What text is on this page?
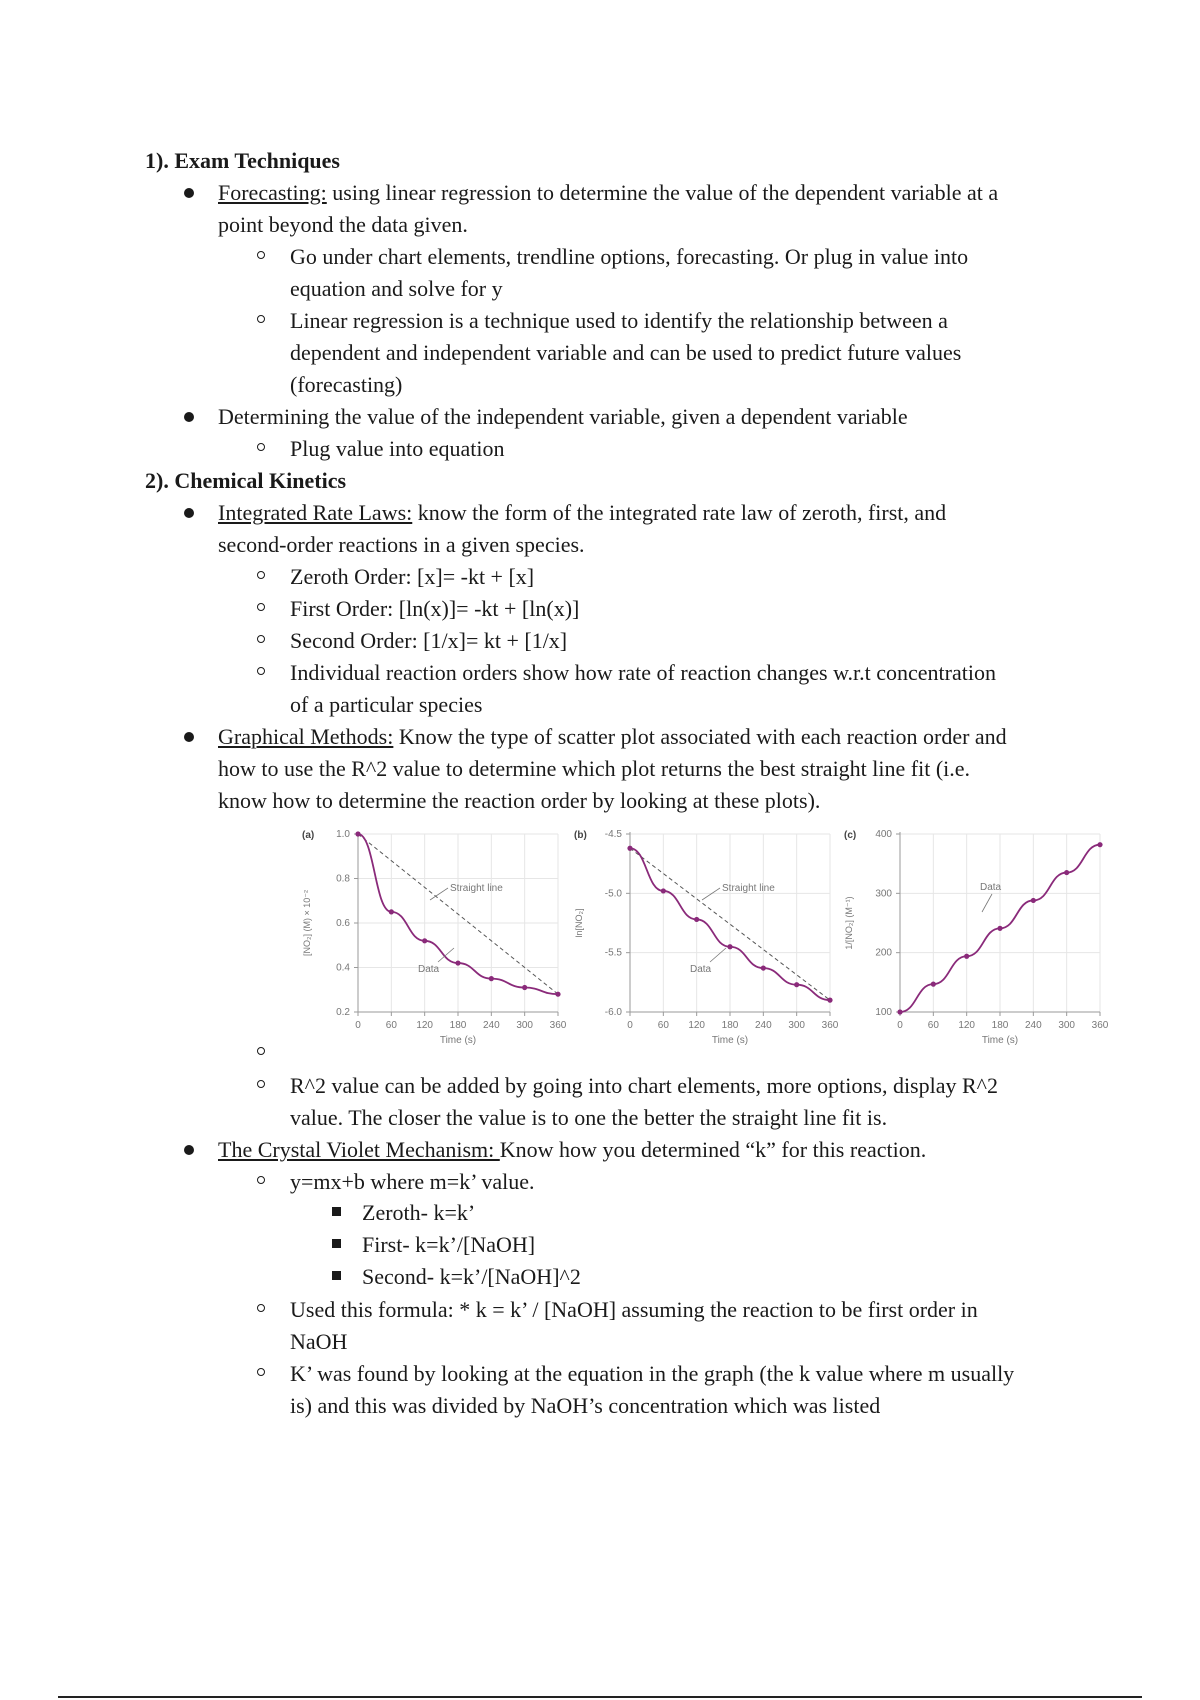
1). Exam Techniques
Forecasting: using linear regression to determine the value of the dependent variable at a
point beyond the data given.
Go under chart elements, trendline options, forecasting. Or plug in value into
equation and solve for y
Linear regression is a technique used to identify the relationship between a
dependent and independent variable and can be used to predict future values
(forecasting)
Determining the value of the independent variable, given a dependent variable
Plug value into equation
2). Chemical Kinetics
Integrated Rate Laws: know the form of the integrated rate law of zeroth, first, and
second-order reactions in a given species.
Zeroth Order: [x]= -kt + [x]
First Order: [ln(x)]= -kt + [ln(x)]
Second Order: [1/x]= kt + [1/x]
Individual reaction orders show how rate of reaction changes w.r.t concentration
of a particular species
Graphical Methods: Know the type of scatter plot associated with each reaction order and
how to use the R^2 value to determine which plot returns the best straight line fit (i.e.
know how to determine the reaction order by looking at these plots).
0 60 120 180 240 300 360
0.2
0.4
0.6
0.8
1.0
(a)
Time (s)
[NO₂] (M) × 10⁻²
Straight line
Data
0 60 120 180 240 300 360
-6.0
-5.5
-5.0
-4.5
(b)
Time (s)
ln[NO₂]
Straight line
Data
0 60 120 180 240 300 360
100
200
300
400
(c)
Time (s)
1/[NO₂] (M⁻¹)
Data
R^2 value can be added by going into chart elements, more options, display R^2
value. The closer the value is to one the better the straight line fit is.
The Crystal Violet Mechanism: Know how you determined “k” for this reaction.
y=mx+b where m=k’ value.
Zeroth- k=k’
First- k=k’/[NaOH]
Second- k=k’/[NaOH]^2
Used this formula: * k = k’ / [NaOH] assuming the reaction to be first order in
NaOH
K’ was found by looking at the equation in the graph (the k value where m usually
is) and this was divided by NaOH’s concentration which was listed
